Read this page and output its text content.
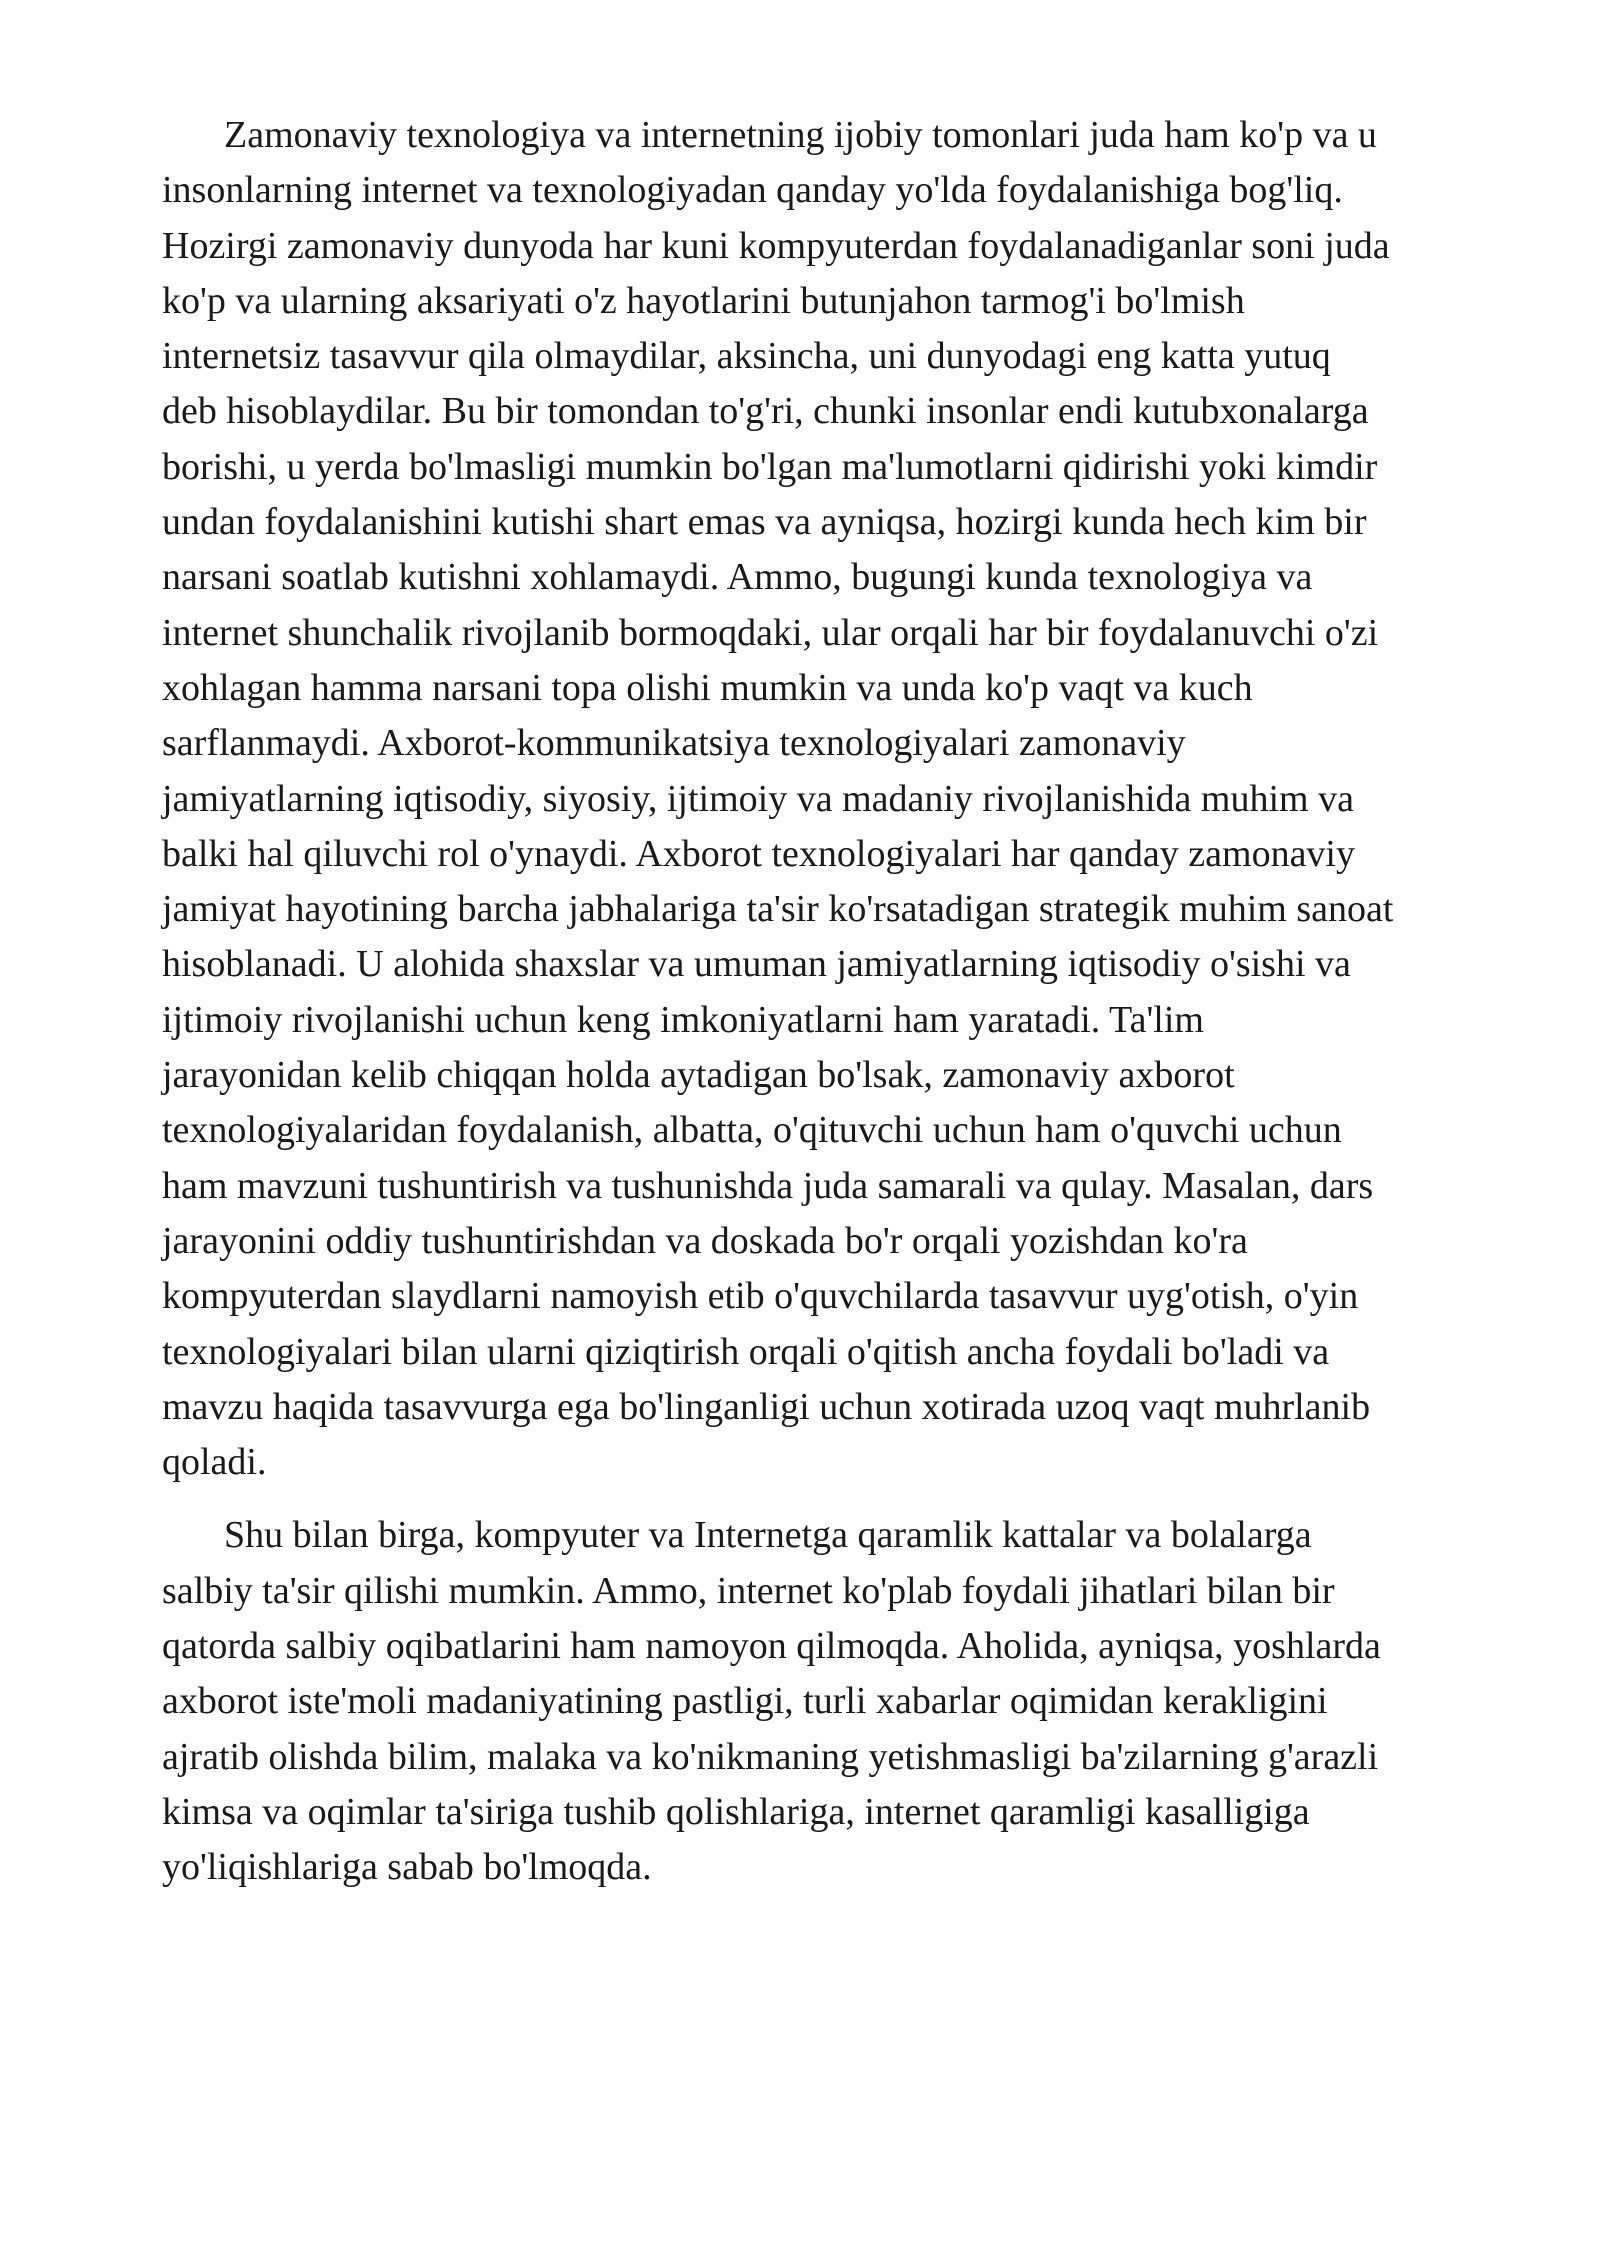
Zamonaviy texnologiya va internetning ijobiy tomonlari juda ham ko'p va u
insonlarning internet va texnologiyadan qanday yo'lda foydalanishiga bog'liq.
Hozirgi zamonaviy dunyoda har kuni kompyuterdan foydalanadiganlar soni juda
ko'p va ularning aksariyati o'z hayotlarini butunjahon tarmog'i bo'lmish
internetsiz tasavvur qila olmaydilar, aksincha, uni dunyodagi eng katta yutuq
deb hisoblaydilar. Bu bir tomondan to'g'ri, chunki insonlar endi kutubxonalarga
borishi, u yerda bo'lmasligi mumkin bo'lgan ma'lumotlarni qidirishi yoki kimdir
undan foydalanishini kutishi shart emas va ayniqsa, hozirgi kunda hech kim bir
narsani soatlab kutishni xohlamaydi. Ammo, bugungi kunda texnologiya va
internet shunchalik rivojlanib bormoqdaki, ular orqali har bir foydalanuvchi o'zi
xohlagan hamma narsani topa olishi mumkin va unda ko'p vaqt va kuch
sarflanmaydi. Axborot-kommunikatsiya texnologiyalari zamonaviy
jamiyatlarning iqtisodiy, siyosiy, ijtimoiy va madaniy rivojlanishida muhim va
balki hal qiluvchi rol o'ynaydi. Axborot texnologiyalari har qanday zamonaviy
jamiyat hayotining barcha jabhalariga ta'sir ko'rsatadigan strategik muhim sanoat
hisoblanadi. U alohida shaxslar va umuman jamiyatlarning iqtisodiy o'sishi va
ijtimoiy rivojlanishi uchun keng imkoniyatlarni ham yaratadi. Ta'lim
jarayonidan kelib chiqqan holda aytadigan bo'lsak, zamonaviy axborot
texnologiyalaridan foydalanish, albatta, o'qituvchi uchun ham o'quvchi uchun
ham mavzuni tushuntirish va tushunishda juda samarali va qulay. Masalan, dars
jarayonini oddiy tushuntirishdan va doskada bo'r orqali yozishdan ko'ra
kompyuterdan slaydlarni namoyish etib o'quvchilarda tasavvur uyg'otish, o'yin
texnologiyalari bilan ularni qiziqtirish orqali o'qitish ancha foydali bo'ladi va
mavzu haqida tasavvurga ega bo'linganligi uchun xotirada uzoq vaqt muhrlanib
qoladi.

Shu bilan birga, kompyuter va Internetga qaramlik kattalar va bolalarga
salbiy ta'sir qilishi mumkin. Ammo, internet ko'plab foydali jihatlari bilan bir
qatorda salbiy oqibatlarini ham namoyon qilmoqda. Aholida, ayniqsa, yoshlarda
axborot iste'moli madaniyatining pastligi, turli xabarlar oqimidan kerakligini
ajratib olishda bilim, malaka va ko'nikmaning yetishmasligi ba'zilarning g'arazli
kimsa va oqimlar ta'siriga tushib qolishlariga, internet qaramligi kasalligiga
yo'liqishlariga sabab bo'lmoqda.
